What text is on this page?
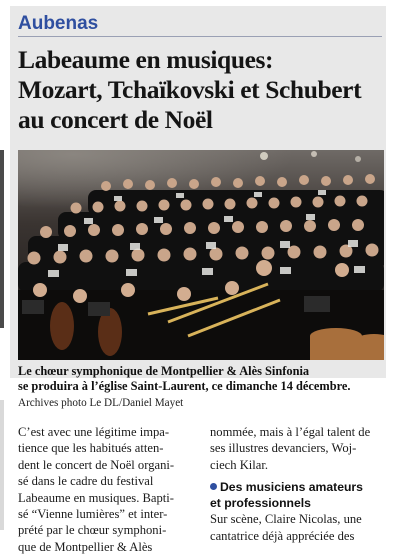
Aubenas
Labeaume en musiques:
Mozart, Tchaïkovski et Schubert
au concert de Noël
Le chœur symphonique de Montpellier & Alès Sinfonia
se produira à l’église Saint-Laurent, ce dimanche 14 décembre.
Archives photo Le DL/Daniel Mayet
C’est avec une légitime impa-
tience que les habitués atten-
dent le concert de Noël organi-
sé dans le cadre du festival
Labeaume en musiques. Bapti-
sé “Vienne lumières” et inter-
prété par le chœur symphoni-
que de Montpellier & Alès
nommée, mais à l’égal talent de
ses illustres devanciers, Woj-
ciech Kilar.
Des musiciens amateurs
et professionnels
Sur scène, Claire Nicolas, une
cantatrice déjà appréciée des
